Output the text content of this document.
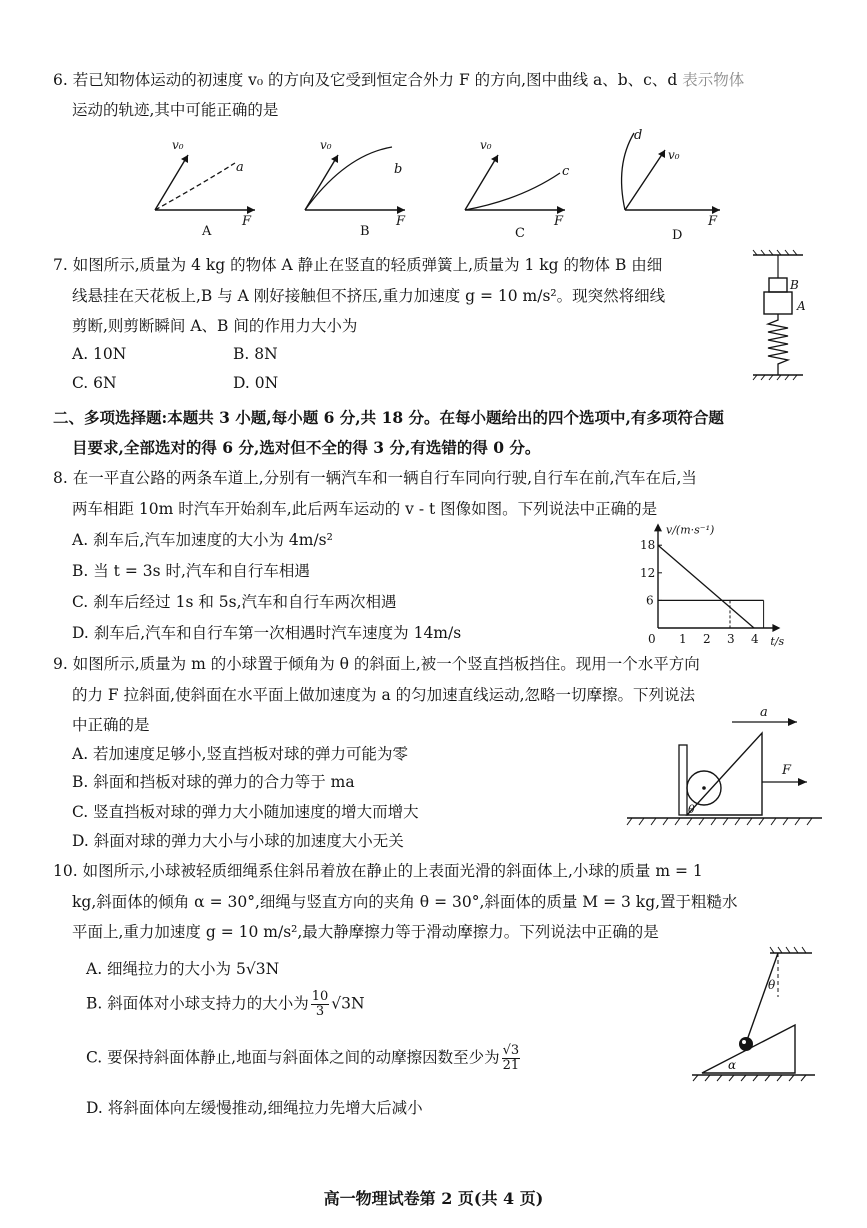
6. 若已知物体运动的初速度 v₀ 的方向及它受到恒定合外力 F 的方向,图中曲线 a、b、c、d 表示物体
运动的轨迹,其中可能正确的是
v₀
a
F
A
v₀
b
F
B
v₀
c
F
C
d
v₀
F
D
7. 如图所示,质量为 4 kg 的物体 A 静止在竖直的轻质弹簧上,质量为 1 kg 的物体 B 由细
线悬挂在天花板上,B 与 A 刚好接触但不挤压,重力加速度 g = 10 m/s²。现突然将细线
剪断,则剪断瞬间 A、B 间的作用力大小为
A. 10N	B. 8N
C. 6N	D. 0N
B
A
二、多项选择题:本题共 3 小题,每小题 6 分,共 18 分。在每小题给出的四个选项中,有多项符合题
目要求,全部选对的得 6 分,选对但不全的得 3 分,有选错的得 0 分。
8. 在一平直公路的两条车道上,分别有一辆汽车和一辆自行车同向行驶,自行车在前,汽车在后,当
两车相距 10m 时汽车开始刹车,此后两车运动的 v - t 图像如图。下列说法中正确的是
A. 刹车后,汽车加速度的大小为 4m/s²
B. 当 t = 3s 时,汽车和自行车相遇
C. 刹车后经过 1s 和 5s,汽车和自行车两次相遇
D. 刹车后,汽车和自行车第一次相遇时汽车速度为 14m/s
v/(m·s⁻¹)
t/s
0 1 2 3 4
18
12
6
9. 如图所示,质量为 m 的小球置于倾角为 θ 的斜面上,被一个竖直挡板挡住。现用一个水平方向
的力 F 拉斜面,使斜面在水平面上做加速度为 a 的匀加速直线运动,忽略一切摩擦。下列说法
中正确的是
A. 若加速度足够小,竖直挡板对球的弹力可能为零
B. 斜面和挡板对球的弹力的合力等于 ma
C. 竖直挡板对球的弹力大小随加速度的增大而增大
D. 斜面对球的弹力大小与小球的加速度大小无关
a
F
θ
10. 如图所示,小球被轻质细绳系住斜吊着放在静止的上表面光滑的斜面体上,小球的质量 m = 1
kg,斜面体的倾角 α = 30°,细绳与竖直方向的夹角 θ = 30°,斜面体的质量 M = 3 kg,置于粗糙水
平面上,重力加速度 g = 10 m/s²,最大静摩擦力等于滑动摩擦力。下列说法中正确的是
A. 细绳拉力的大小为 5√3N
B. 斜面体对小球支持力的大小为 $\frac{10}{3} √3N$
C. 要保持斜面体静止,地面与斜面体之间的动摩擦因数至少为 $\frac{√3}{21}$
D. 将斜面体向左缓慢推动,细绳拉力先增大后减小
θ
α
高一物理试卷第 2 页(共 4 页)
